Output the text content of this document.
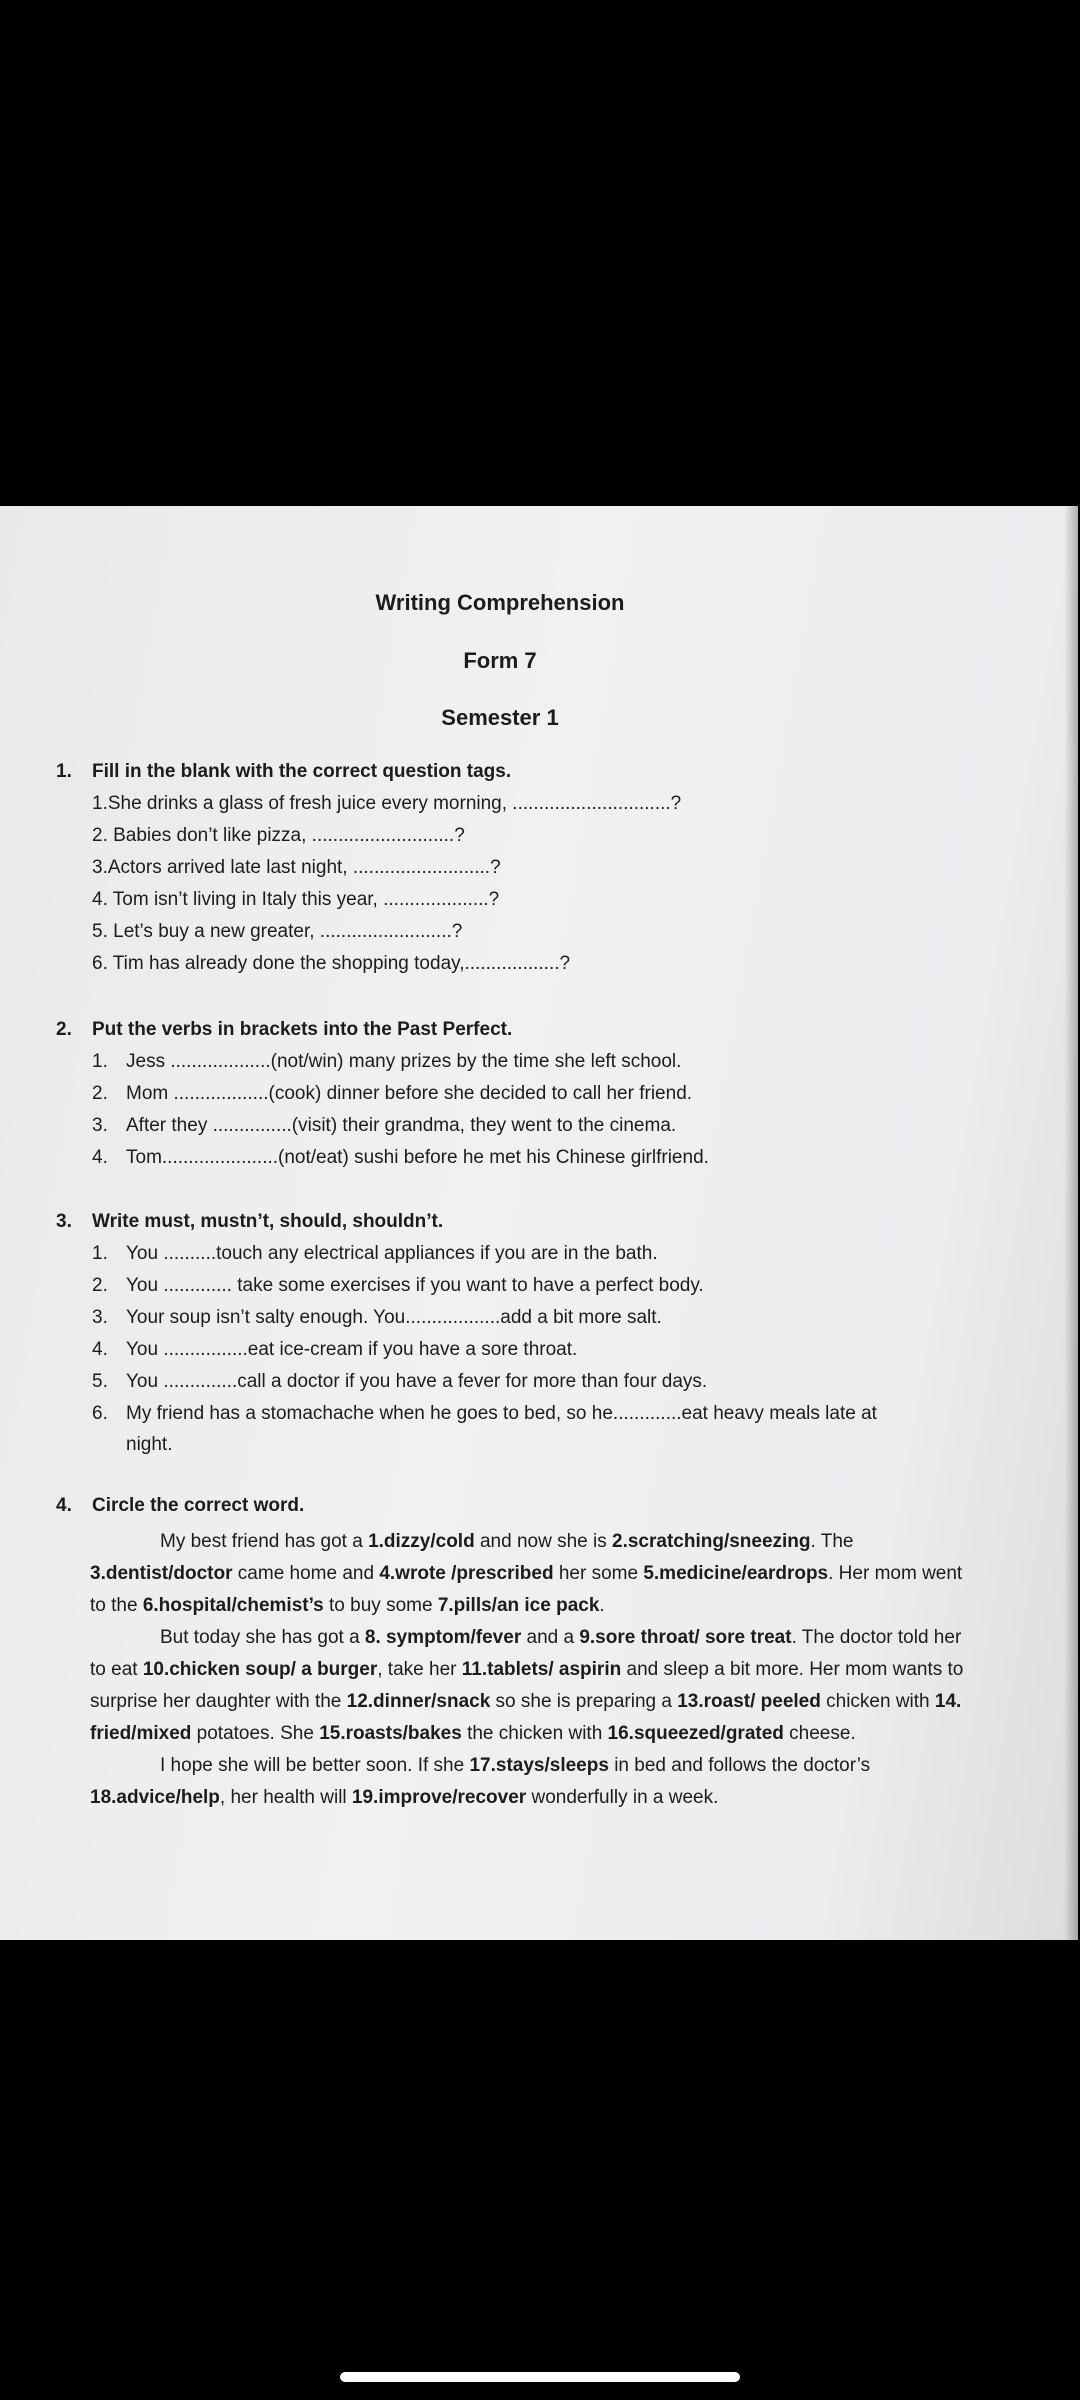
Writing Comprehension
Form 7
Semester 1
1.	Fill in the blank with the correct question tags.
1.She drinks a glass of fresh juice every morning, ..............................?
2. Babies don’t like pizza, ...........................?
3.Actors arrived late last night, ..........................?
4. Tom isn’t living in Italy this year, ....................?
5. Let’s buy a new greater, .........................?
6. Tim has already done the shopping today,..................?
2.	Put the verbs in brackets into the Past Perfect.
1. Jess ...................(not/win) many prizes by the time she left school.
2. Mom ..................(cook) dinner before she decided to call her friend.
3. After they ...............(visit) their grandma, they went to the cinema.
4. Tom......................(not/eat) sushi before he met his Chinese girlfriend.
3.	Write must, mustn’t, should, shouldn’t.
1. You ..........touch any electrical appliances if you are in the bath.
2. You ............. take some exercises if you want to have a perfect body.
3. Your soup isn’t salty enough. You..................add a bit more salt.
4. You ................eat ice-cream if you have a sore throat.
5. You ..............call a doctor if you have a fever for more than four days.
6. My friend has a stomachache when he goes to bed, so he.............eat heavy meals late at
night.
4.	Circle the correct word.

My best friend has got a 1.dizzy/cold and now she is 2.scratching/sneezing. The 3.dentist/doctor came home and 4.wrote /prescribed her some 5.medicine/eardrops. Her mom went to the 6.hospital/chemist’s to buy some 7.pills/an ice pack.

But today she has got a 8. symptom/fever and a 9.sore throat/ sore treat. The doctor told her to eat 10.chicken soup/ a burger, take her 11.tablets/ aspirin and sleep a bit more. Her mom wants to surprise her daughter with the 12.dinner/snack so she is preparing a 13.roast/ peeled chicken with 14. fried/mixed potatoes. She 15.roasts/bakes the chicken with 16.squeezed/grated cheese.

I hope she will be better soon. If she 17.stays/sleeps in bed and follows the doctor’s 18.advice/help, her health will 19.improve/recover wonderfully in a week.
